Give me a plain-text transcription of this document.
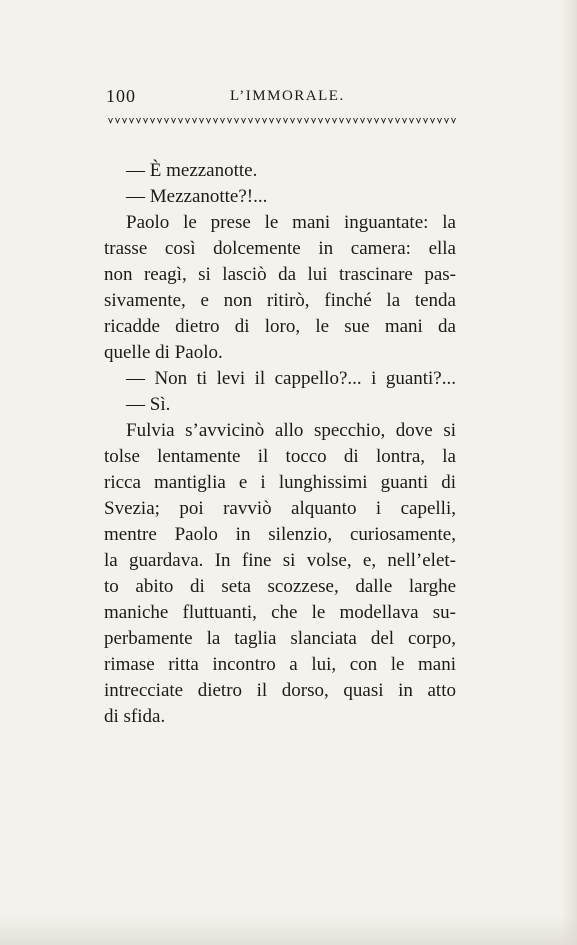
100	L’IMMORALE.
— È mezzanotte.
— Mezzanotte?!...
Paolo le prese le mani inguantate: la
trasse così dolcemente in camera: ella
non reagì, si lasciò da lui trascinare pas-
sivamente, e non ritirò, finché la tenda
ricadde dietro di loro, le sue mani da
quelle di Paolo.
— Non ti levi il cappello?... i guanti?...
— Sì.
Fulvia s’avvicinò allo specchio, dove si
tolse lentamente il tocco di lontra, la
ricca mantiglia e i lunghissimi guanti di
Svezia; poi ravviò alquanto i capelli,
mentre Paolo in silenzio, curiosamente,
la guardava. In fine si volse, e, nell’elet-
to abito di seta scozzese, dalle larghe
maniche fluttuanti, che le modellava su-
perbamente la taglia slanciata del corpo,
rimase ritta incontro a lui, con le mani
intrecciate dietro il dorso, quasi in atto
di sfida.
